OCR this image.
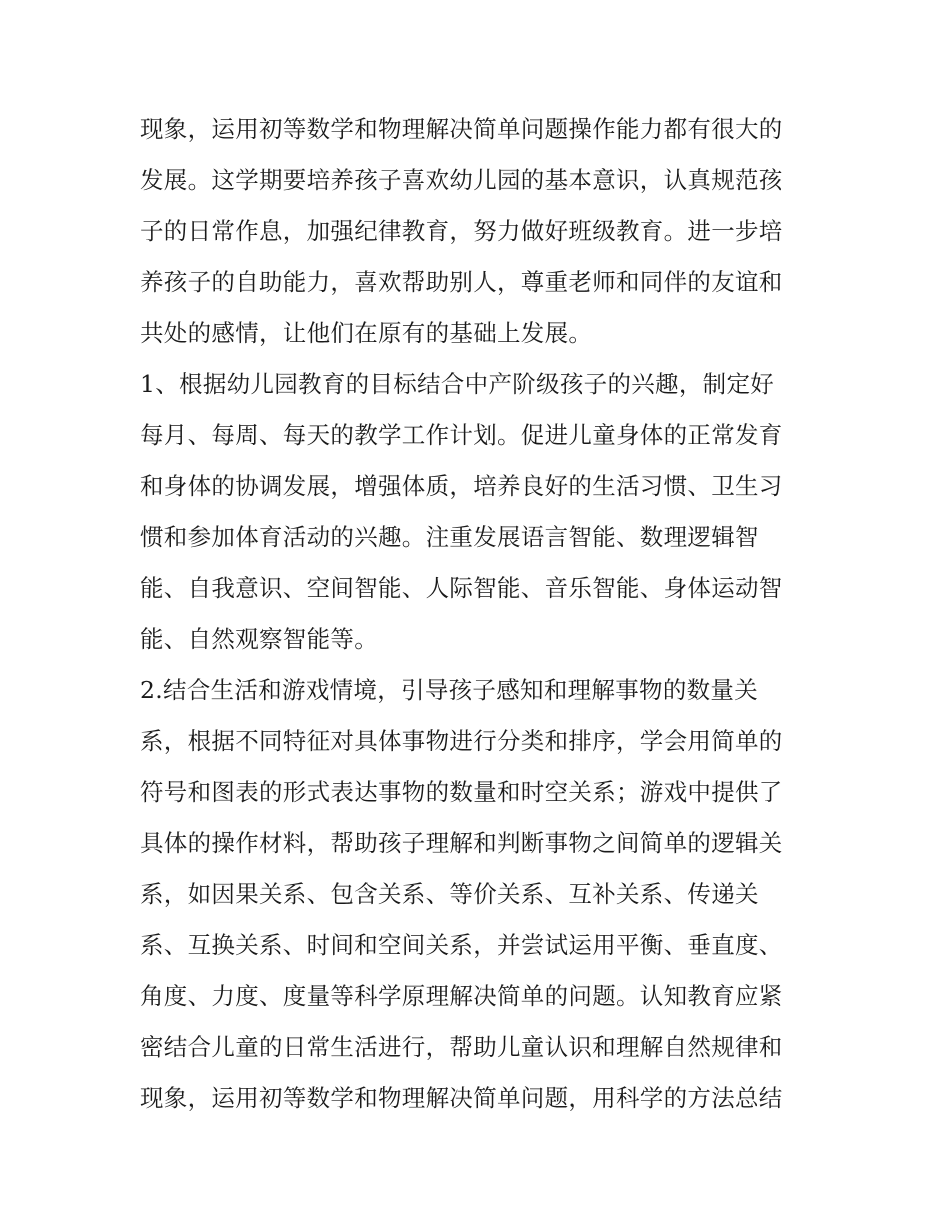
现象，运用初等数学和物理解决简单问题操作能力都有很大的
发展。这学期要培养孩子喜欢幼儿园的基本意识，认真规范孩
子的日常作息，加强纪律教育，努力做好班级教育。进一步培
养孩子的自助能力，喜欢帮助别人，尊重老师和同伴的友谊和
共处的感情，让他们在原有的基础上发展。
1、根据幼儿园教育的目标结合中产阶级孩子的兴趣，制定好
每月、每周、每天的教学工作计划。促进儿童身体的正常发育
和身体的协调发展，增强体质，培养良好的生活习惯、卫生习
惯和参加体育活动的兴趣。注重发展语言智能、数理逻辑智
能、自我意识、空间智能、人际智能、音乐智能、身体运动智
能、自然观察智能等。
2.结合生活和游戏情境，引导孩子感知和理解事物的数量关
系，根据不同特征对具体事物进行分类和排序，学会用简单的
符号和图表的形式表达事物的数量和时空关系；游戏中提供了
具体的操作材料，帮助孩子理解和判断事物之间简单的逻辑关
系，如因果关系、包含关系、等价关系、互补关系、传递关
系、互换关系、时间和空间关系，并尝试运用平衡、垂直度、
角度、力度、度量等科学原理解决简单的问题。认知教育应紧
密结合儿童的日常生活进行，帮助儿童认识和理解自然规律和
现象，运用初等数学和物理解决简单问题，用科学的方法总结
